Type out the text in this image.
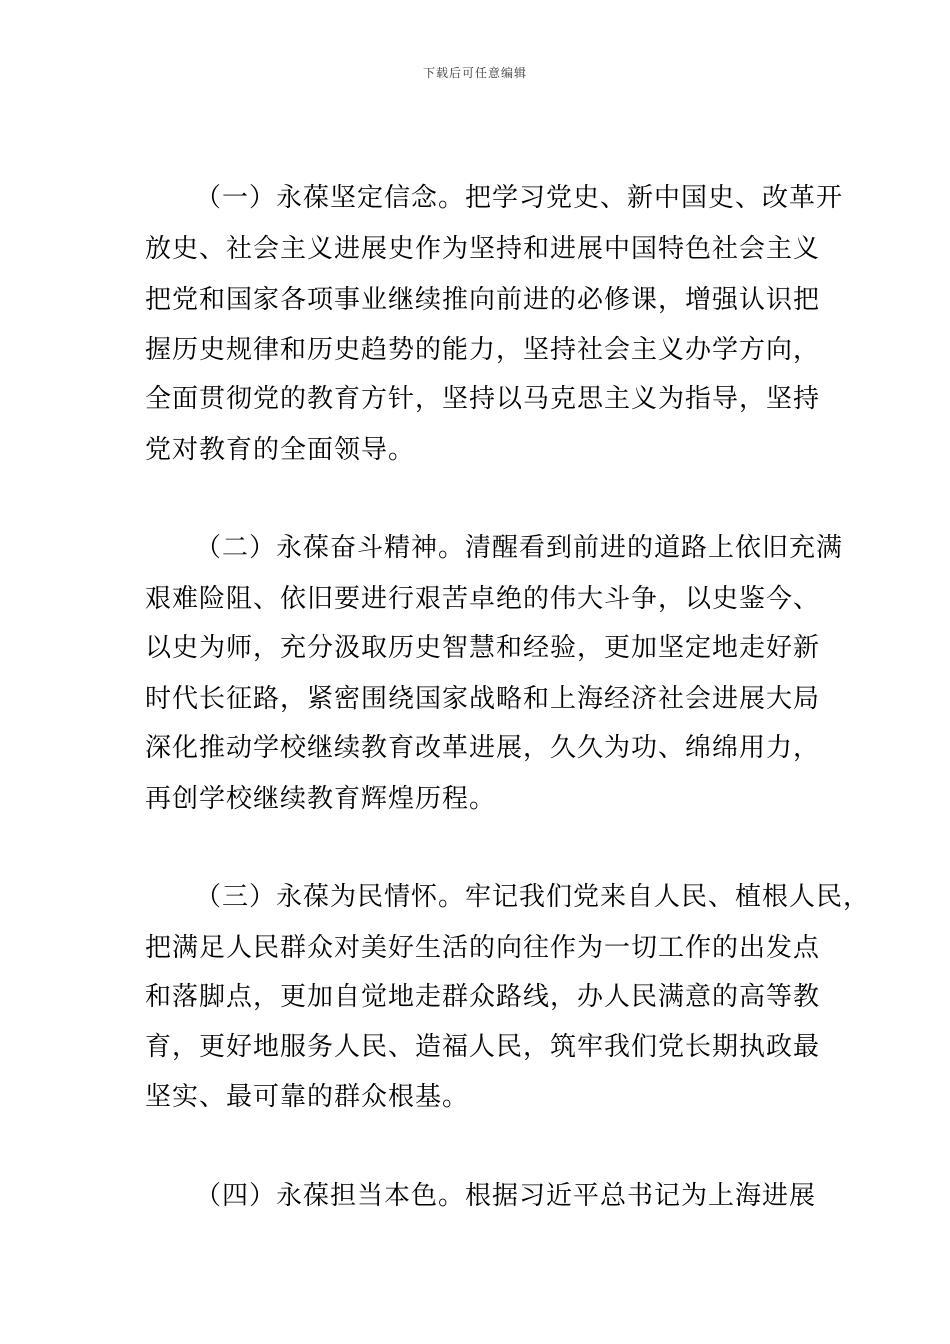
下载后可任意编辑
（一）永葆坚定信念。把学习党史、新中国史、改革开
放史、社会主义进展史作为坚持和进展中国特色社会主义
把党和国家各项事业继续推向前进的必修课，增强认识把
握历史规律和历史趋势的能力，坚持社会主义办学方向，
全面贯彻党的教育方针，坚持以马克思主义为指导，坚持
党对教育的全面领导。
（二）永葆奋斗精神。清醒看到前进的道路上依旧充满
艰难险阻、依旧要进行艰苦卓绝的伟大斗争，以史鉴今、
以史为师，充分汲取历史智慧和经验，更加坚定地走好新
时代长征路，紧密围绕国家战略和上海经济社会进展大局
深化推动学校继续教育改革进展，久久为功、绵绵用力，
再创学校继续教育辉煌历程。
（三）永葆为民情怀。牢记我们党来自人民、植根人民，
把满足人民群众对美好生活的向往作为一切工作的出发点
和落脚点，更加自觉地走群众路线，办人民满意的高等教
育，更好地服务人民、造福人民，筑牢我们党长期执政最
坚实、最可靠的群众根基。
（四）永葆担当本色。根据习近平总书记为上海进展
